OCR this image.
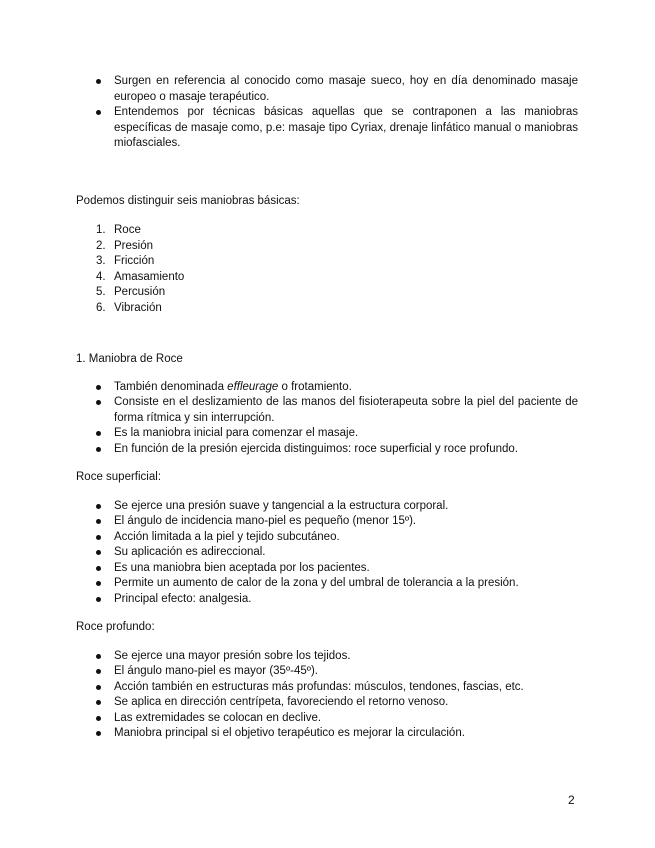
Surgen en referencia al conocido como masaje sueco, hoy en día denominado masaje europeo o masaje terapéutico.
Entendemos por técnicas básicas aquellas que se contraponen a las maniobras específicas de masaje como, p.e: masaje tipo Cyriax, drenaje linfático manual o maniobras miofasciales.

Podemos distinguir seis maniobras básicas:

1. Roce
2. Presión
3. Fricción
4. Amasamiento
5. Percusión
6. Vibración

1. Maniobra de Roce

También denominada effleurage o frotamiento.
Consiste en el deslizamiento de las manos del fisioterapeuta sobre la piel del paciente de forma rítmica y sin interrupción.
Es la maniobra inicial para comenzar el masaje.
En función de la presión ejercida distinguimos: roce superficial y roce profundo.

Roce superficial:

Se ejerce una presión suave y tangencial a la estructura corporal.
El ángulo de incidencia mano-piel es pequeño (menor 15º).
Acción limitada a la piel y tejido subcutáneo.
Su aplicación es adireccional.
Es una maniobra bien aceptada por los pacientes.
Permite un aumento de calor de la zona y del umbral de tolerancia a la presión.
Principal efecto: analgesia.

Roce profundo:

Se ejerce una mayor presión sobre los tejidos.
El ángulo mano-piel es mayor (35º-45º).
Acción también en estructuras más profundas: músculos, tendones, fascias, etc.
Se aplica en dirección centrípeta, favoreciendo el retorno venoso.
Las extremidades se colocan en declive.
Maniobra principal si el objetivo terapéutico es mejorar la circulación.
2
